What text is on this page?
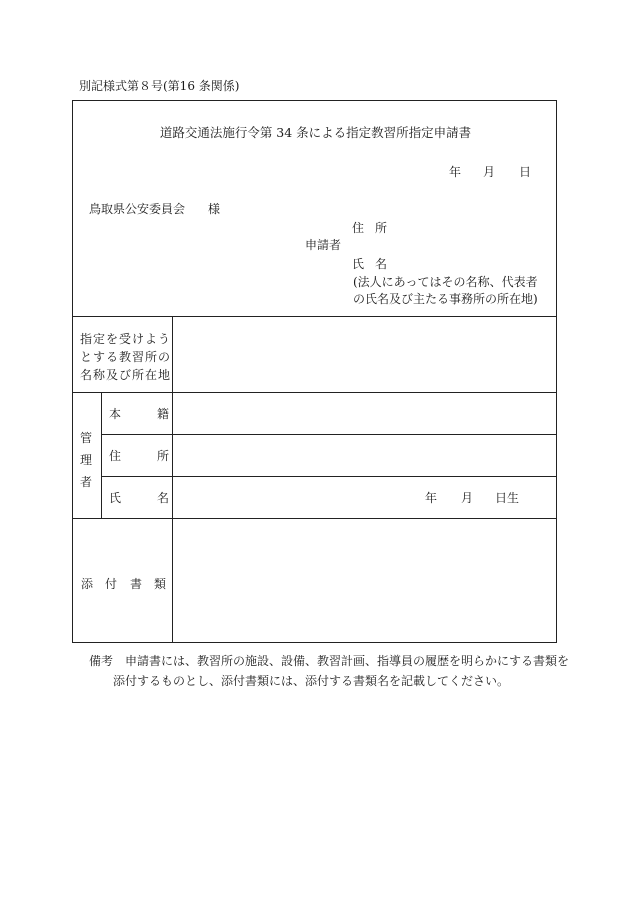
別記様式第８号(第16 条関係)
道路交通法施行令第 34 条による指定教習所指定申請書
年 月 日
鳥取県公安委員会 様
住 所
申請者
氏 名
(法人にあってはその名称、代表者
の氏名及び主たる事務所の所在地)
指定を受けようとする教習所の名称及び所在地
管
理
者
本	籍
住	所
氏	名	年 月 日生
添 付 書 類
備考 申請書には、教習所の施設、設備、教習計画、指導員の履歴を明らかにする書類を
添付するものとし、添付書類には、添付する書類名を記載してください。
